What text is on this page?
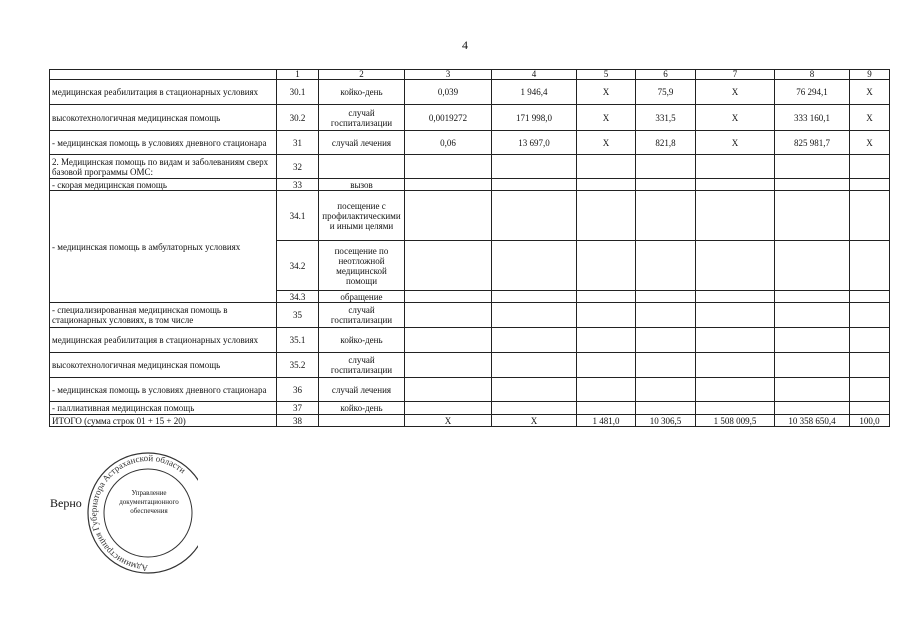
4
	1	2	3	4	5	6	7	8	9
медицинская реабилитация в стационарных условиях	30.1	койко-день	0,039	1 946,4	Х	75,9	Х	76 294,1	Х
высокотехнологичная медицинская помощь	30.2	случай госпитализации	0,0019272	171 998,0	Х	331,5	Х	333 160,1	Х
- медицинская помощь в условиях дневного стационара	31	случай лечения	0,06	13 697,0	Х	821,8	Х	825 981,7	Х
2. Медицинская помощь по видам и заболеваниям сверх базовой программы ОМС:	32								
- скорая медицинская помощь	33	вызов							
- медицинская помощь в амбулаторных условиях	34.1	посещение с профилактическими и иными целями							
	34.2	посещение по неотложной медицинской помощи							
	34.3	обращение							
- специализированная медицинская помощь в стационарных условиях, в том числе	35	случай госпитализации							
медицинская реабилитация в стационарных условиях	35.1	койко-день							
высокотехнологичная медицинская помощь	35.2	случай госпитализации							
- медицинская помощь в условиях дневного стационара	36	случай лечения							
- паллиативная медицинская помощь	37	койко-день							
ИТОГО (сумма строк 01 + 15 + 20)	38		Х	Х	1 481,0	10 306,5	1 508 009,5	10 358 650,4	100,0
Администрация Губернатора Астраханской области
Верно
Управление
документационного
обеспечения
